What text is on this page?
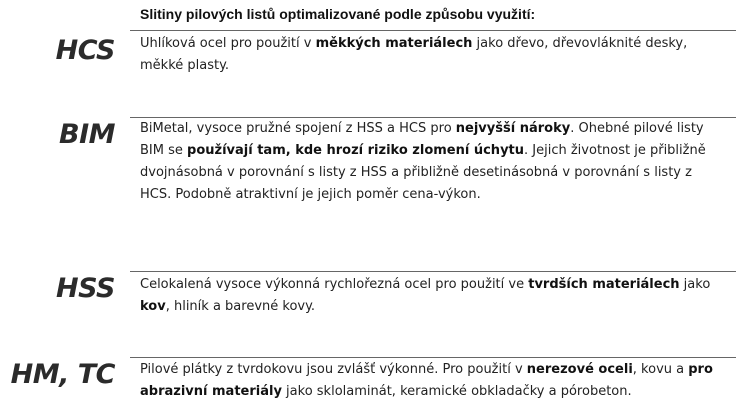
Slitiny pilových listů optimalizované podle způsobu využití:
HCS Uhlíková ocel pro použití v měkkých materiálech jako dřevo, dřevovláknité desky, měkké plasty.
BIM BiMetal, vysoce pružné spojení z HSS a HCS pro nejvyšší nároky. Ohebné pilové listy BIM se používají tam, kde hrozí riziko zlomení úchytu. Jejich životnost je přibližně dvojnásobná v porovnání s listy z HSS a přibližně desetinásobná v porovnání s listy z HCS. Podobně atraktivní je jejich poměr cena-výkon.
HSS Celokalená vysoce výkonná rychlořezná ocel pro použití ve tvrdších materiálech jako kov, hliník a barevné kovy.
HM, TC Pilové plátky z tvrdokovu jsou zvlášť výkonné. Pro použití v nerezové oceli, kovu a pro abrazivní materiály jako sklolaminát, keramické obkladačky a pórobeton.
